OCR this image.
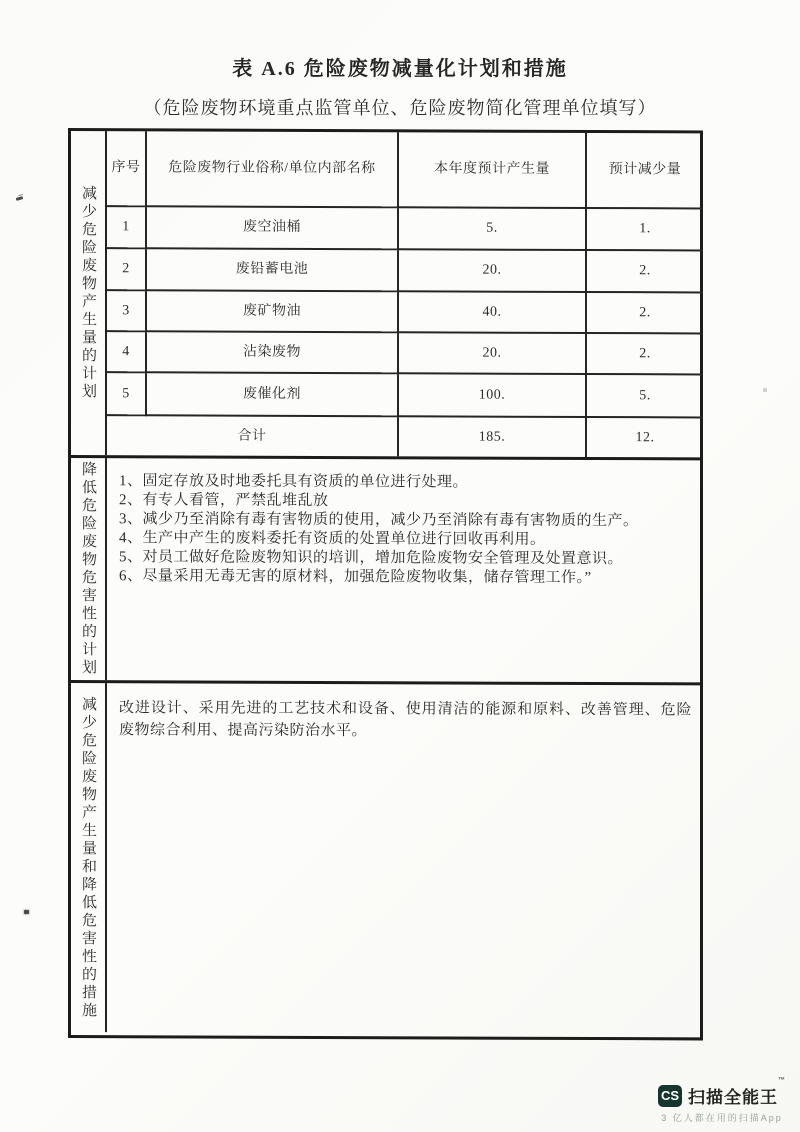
表 A.6 危险废物减量化计划和措施
（危险废物环境重点监管单位、危险废物简化管理单位填写）
减少危险废物产生量的计划
序号	危险废物行业俗称/单位内部名称	本年度预计产生量	预计减少量
1	废空油桶	5.	1.
2	废铅蓄电池	20.	2.
3	废矿物油	40.	2.
4	沾染废物	20.	2.
5	废催化剂	100.	5.
合计	185.	12.
降低危险废物危害性的计划	1、固定存放及时地委托具有资质的单位进行处理。
2、有专人看管，严禁乱堆乱放
3、减少乃至消除有毒有害物质的使用，减少乃至消除有毒有害物质的生产。
4、生产中产生的废料委托有资质的处置单位进行回收再利用。
5、对员工做好危险废物知识的培训，增加危险废物安全管理及处置意识。
6、尽量采用无毒无害的原材料，加强危险废物收集，储存管理工作。”
减少危险废物产生量和降低危害性的措施	改进设计、采用先进的工艺技术和设备、使用清洁的能源和原料、改善管理、危险废物综合利用、提高污染防治水平。
CS 扫描全能王™
3 亿人都在用的扫描App
